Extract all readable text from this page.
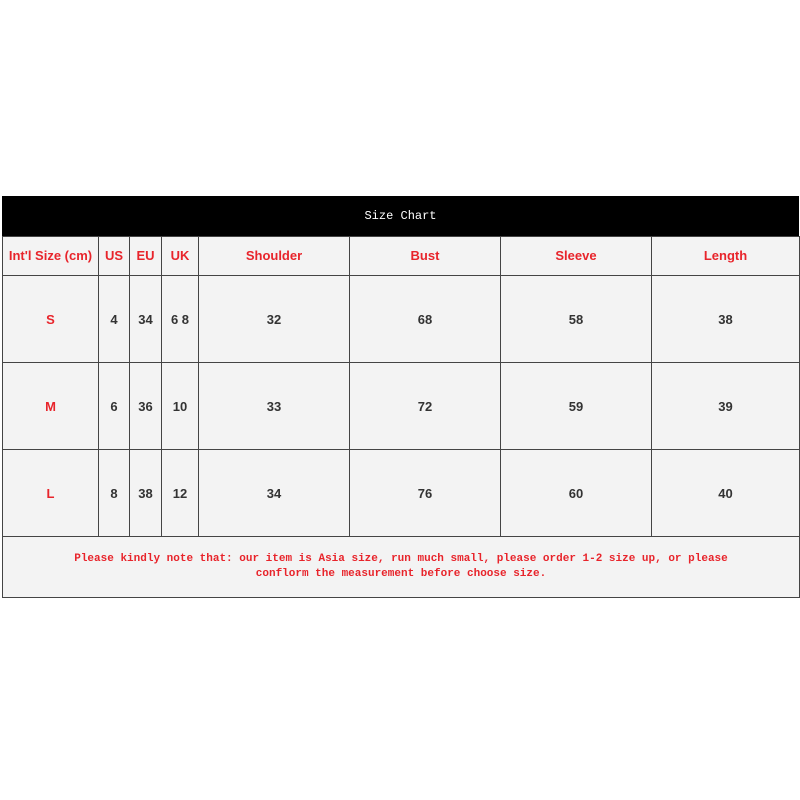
Size Chart
Int'l Size (cm)	US	EU	UK	Shoulder	Bust	Sleeve	Length
S	4	34	6 8	32	68	58	38
M	6	36	10	33	72	59	39
L	8	38	12	34	76	60	40

Please kindly note that: our item is Asia size, run much small, please order 1-2 size up, or please
conflorm the measurement before choose size.							
